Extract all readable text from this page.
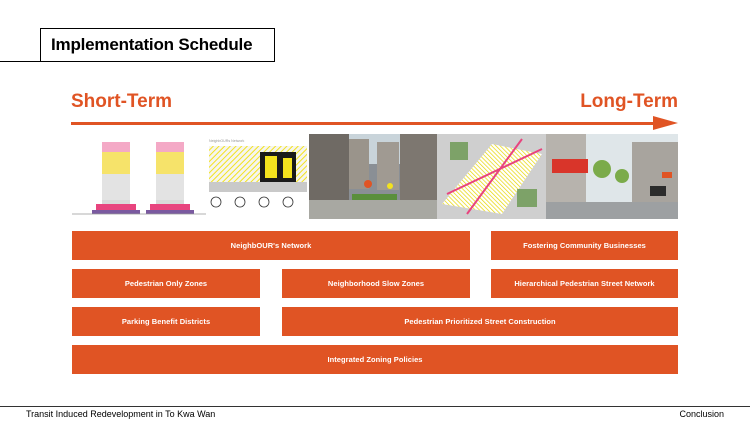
Implementation Schedule
Short-Term	Long-Term
NeighbOURs Network
NeighbOUR's Network	Fostering Community Businesses
Pedestrian Only Zones	Neighborhood Slow Zones	Hierarchical Pedestrian Street Network
Parking Benefit Districts	Pedestrian Prioritized Street Construction
Integrated Zoning Policies
Transit Induced Redevelopment in To Kwa Wan	Conclusion
